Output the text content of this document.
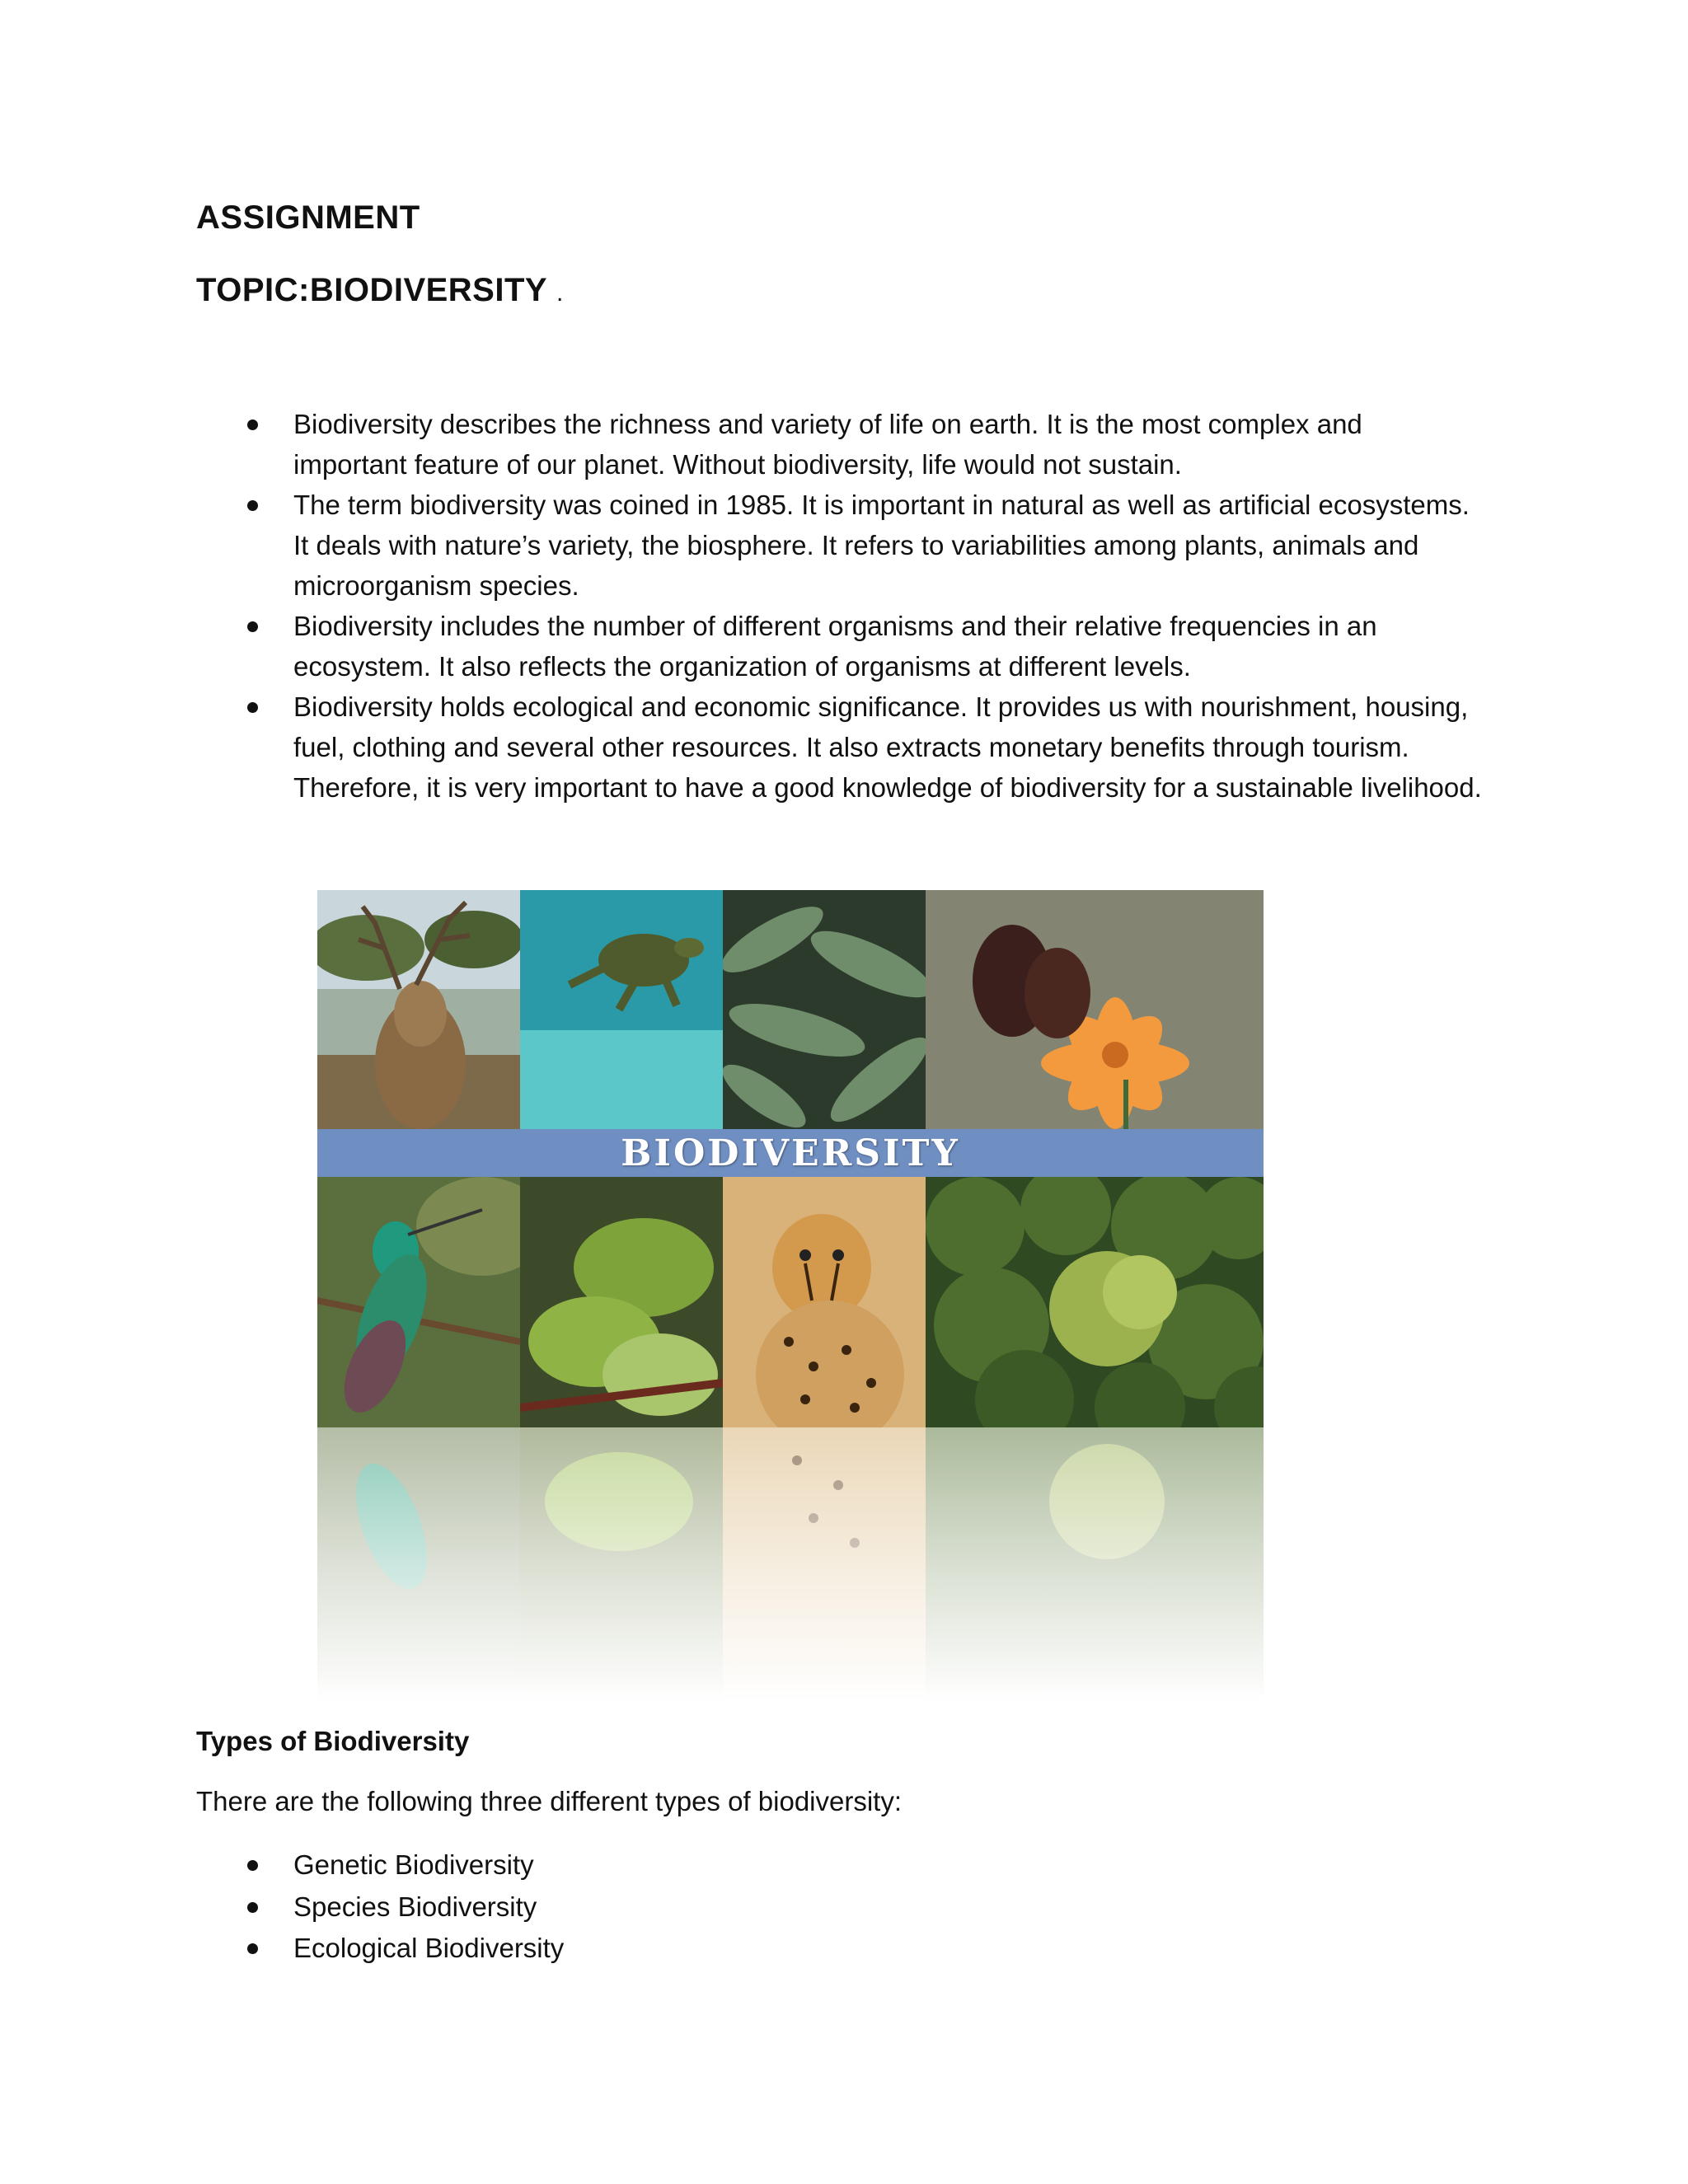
ASSIGNMENT
TOPIC:BIODIVERSITY .
Biodiversity describes the richness and variety of life on earth. It is the most complex and important feature of our planet. Without biodiversity, life would not sustain.
The term biodiversity was coined in 1985. It is important in natural as well as artificial ecosystems. It deals with nature’s variety, the biosphere. It refers to variabilities among plants, animals and microorganism species.
Biodiversity includes the number of different organisms and their relative frequencies in an ecosystem. It also reflects the organization of organisms at different levels.
Biodiversity holds ecological and economic significance. It provides us with nourishment, housing, fuel, clothing and several other resources. It also extracts monetary benefits through tourism. Therefore, it is very important to have a good knowledge of biodiversity for a sustainable livelihood.
BIODIVERSITY
Types of Biodiversity
There are the following three different types of biodiversity:
Genetic Biodiversity
Species Biodiversity
Ecological Biodiversity
